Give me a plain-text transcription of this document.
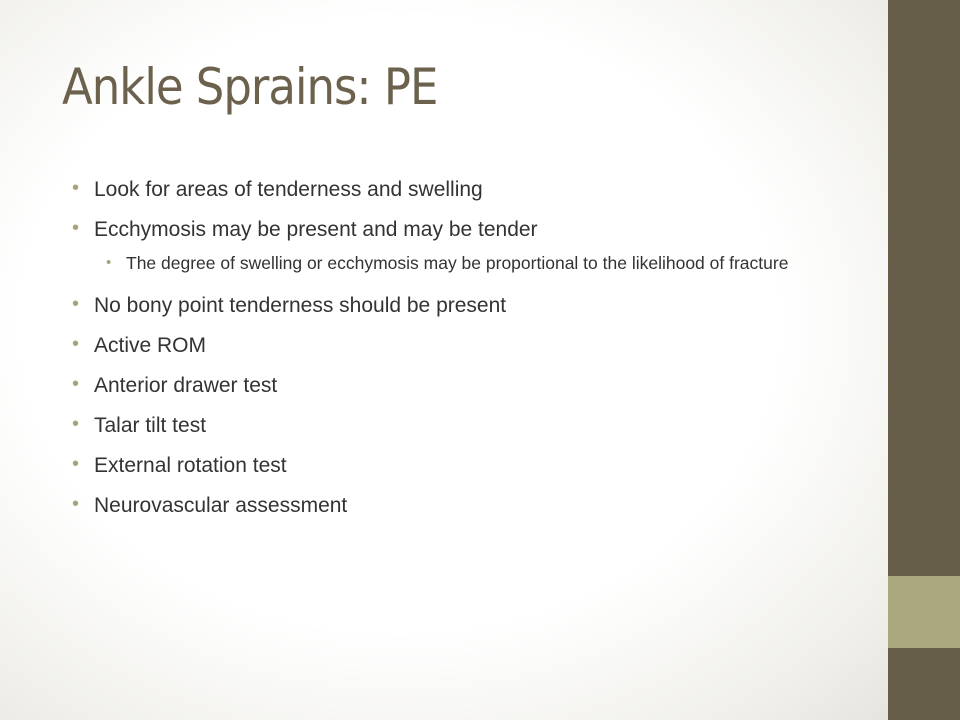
Ankle Sprains: PE
• Look for areas of tenderness and swelling
• Ecchymosis may be present and may be tender
• The degree of swelling or ecchymosis may be proportional to the likelihood of fracture
• No bony point tenderness should be present
• Active ROM
• Anterior drawer test
• Talar tilt test
• External rotation test
• Neurovascular assessment
